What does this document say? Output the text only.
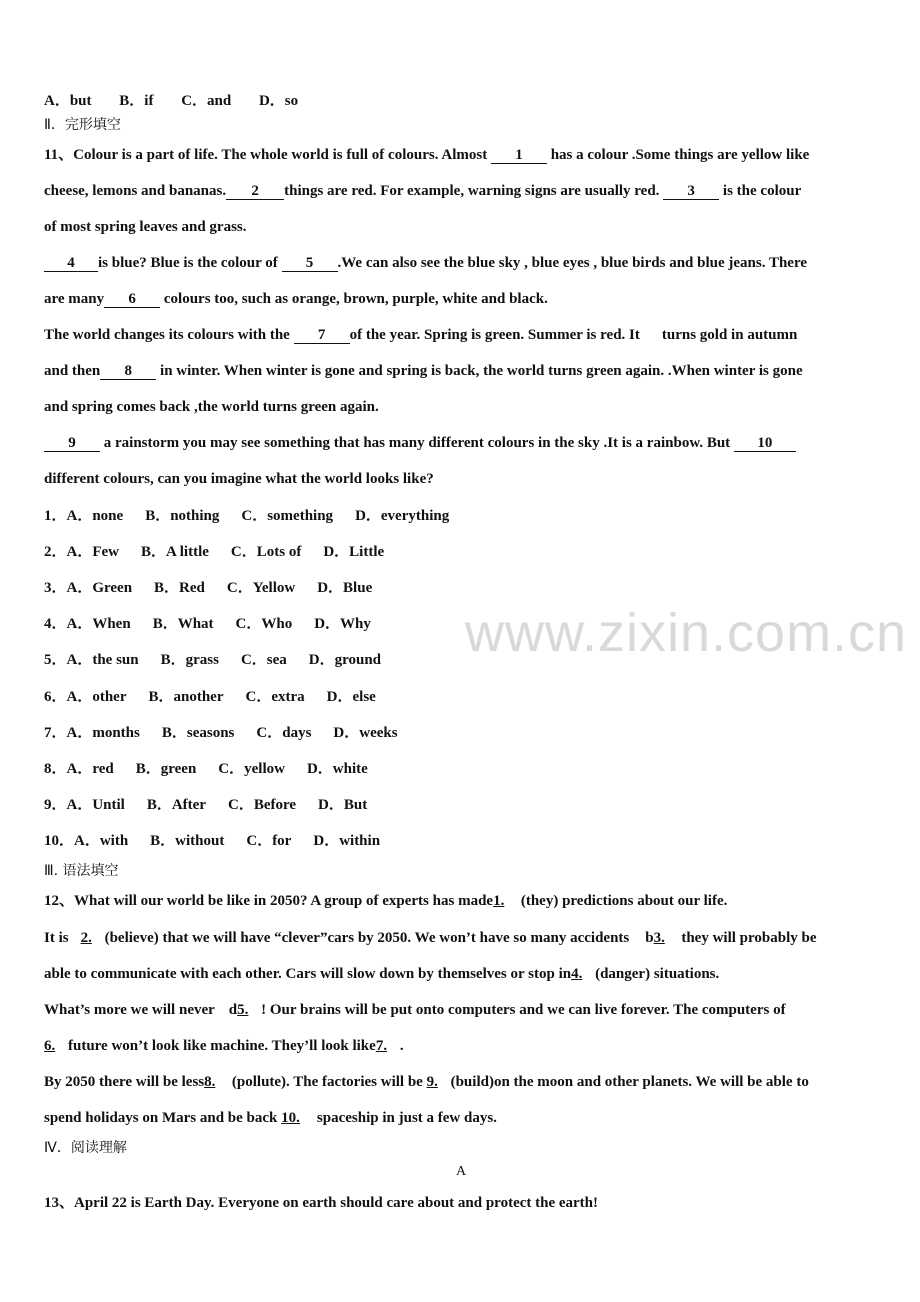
www.zixin.com.cn
A．but B．if C．and D．so
Ⅱ．完形填空
11、Colour is a part of life. The whole world is full of colours. Almost 1 has a colour .Some things are yellow like
cheese, lemons and bananas. 2 things are red. For example, warning signs are usually red. 3 is the colour
of most spring leaves and grass.
4 is blue? Blue is the colour of 5 .We can also see the blue sky , blue eyes , blue birds and blue jeans. There
are many 6 colours too, such as orange, brown, purple, white and black.
The world changes its colours with the 7 of the year. Spring is green. Summer is red. It turns gold in autumn
and then 8 in winter. When winter is gone and spring is back, the world turns green again. .When winter is gone
and spring comes back ,the world turns green again.
9 a rainstorm you may see something that has many different colours in the sky .It is a rainbow. But 10
different colours, can you imagine what the world looks like?
1．A．none B．nothing C．something D．everything
2．A．Few B．A little C．Lots of D．Little
3．A．Green B．Red C．Yellow D．Blue
4．A．When B．What C．Who D．Why
5．A．the sun B．grass C．sea D．ground
6．A．other B．another C．extra D．else
7．A．months B．seasons C．days D．weeks
8．A．red B．green C．yellow D．white
9．A．Until B．After C．Before D．But
10．A．with B．without C．for D．within
Ⅲ. 语法填空
12、What will our world be like in 2050? A group of experts has made1. (they) predictions about our life.
It is 2. (believe) that we will have “clever”cars by 2050. We won’t have so many accidents b3. they will probably be
able to communicate with each other. Cars will slow down by themselves or stop in4. (danger) situations.
What’s more we will never d5. ! Our brains will be put onto computers and we can live forever. The computers of
6. future won’t look like machine. They’ll look like7. .
By 2050 there will be less8. (pollute). The factories will be 9. (build)on the moon and other planets. We will be able to
spend holidays on Mars and be back 10. spaceship in just a few days.
Ⅳ．阅读理解
A
13、April 22 is Earth Day. Everyone on earth should care about and protect the earth!
